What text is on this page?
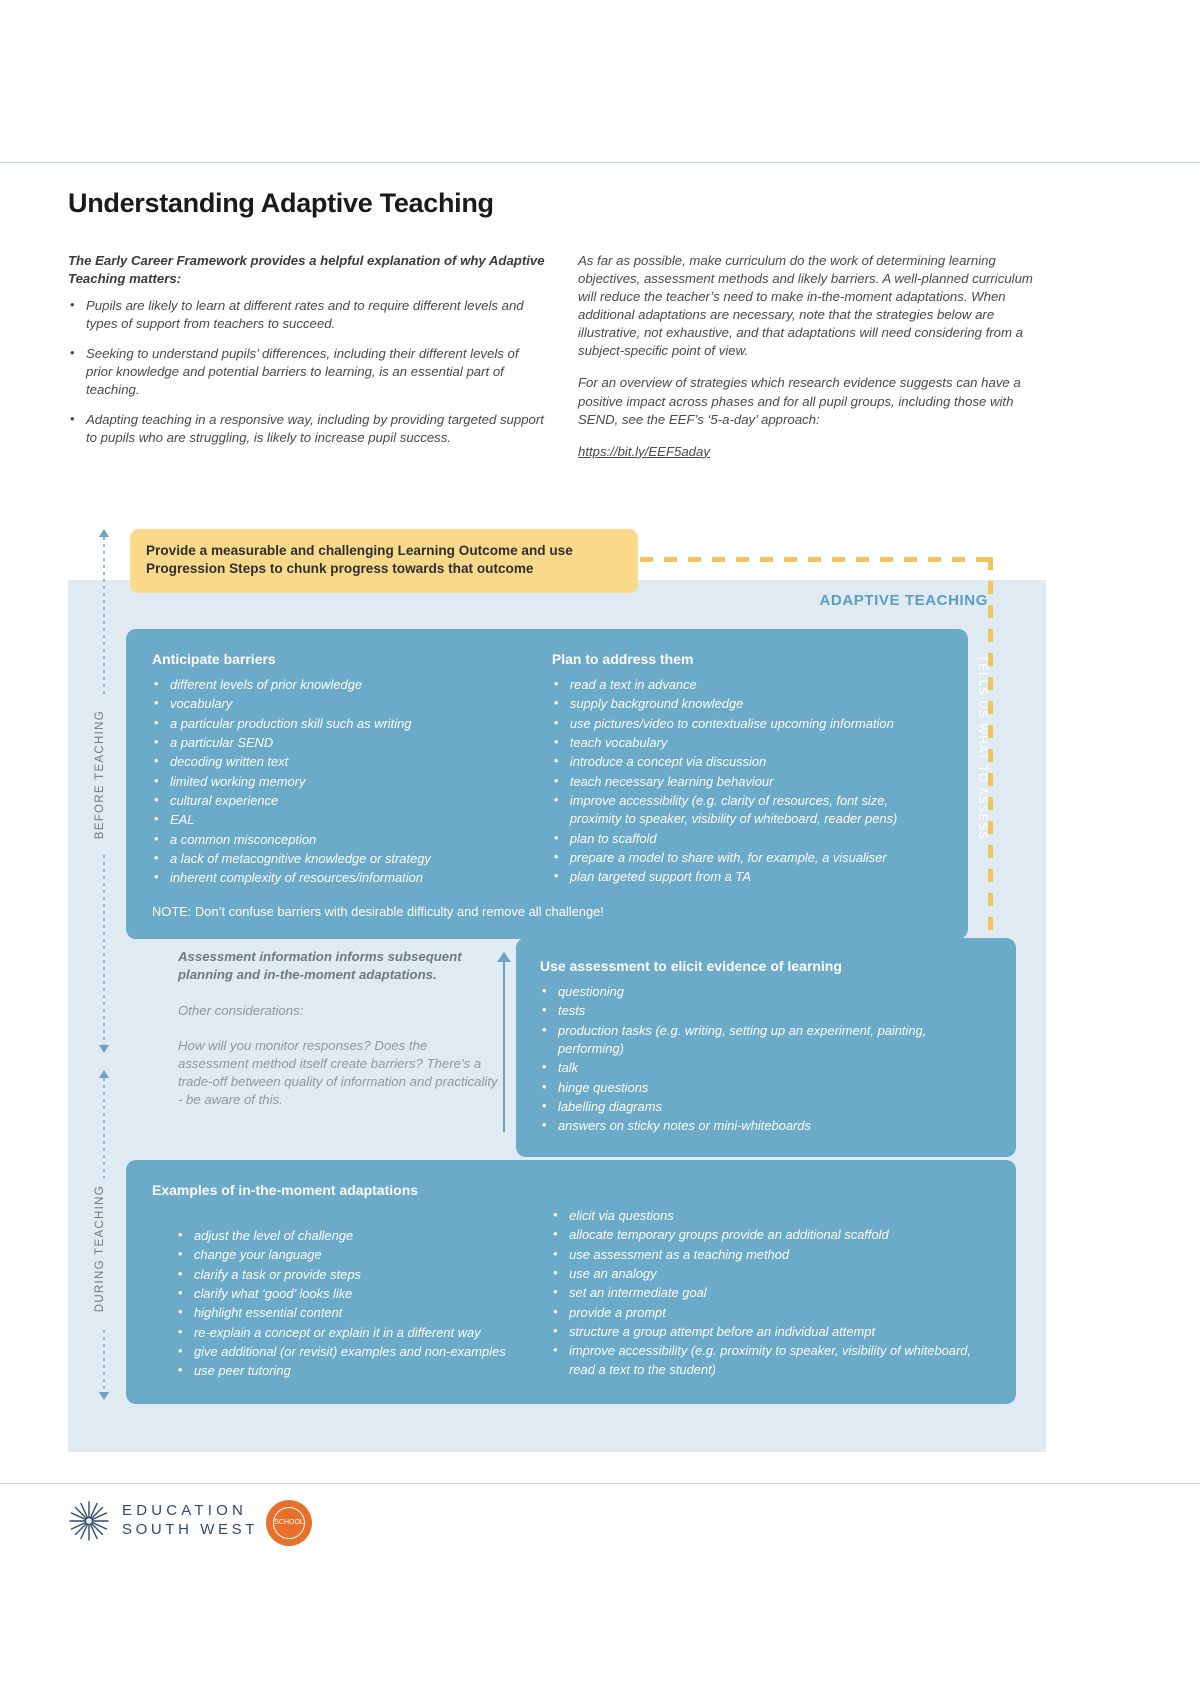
Understanding Adaptive Teaching
The Early Career Framework provides a helpful explanation of why Adaptive Teaching matters:
• Pupils are likely to learn at different rates and to require different levels and types of support from teachers to succeed.
• Seeking to understand pupils’ differences, including their different levels of prior knowledge and potential barriers to learning, is an essential part of teaching.
• Adapting teaching in a responsive way, including by providing targeted support to pupils who are struggling, is likely to increase pupil success.
As far as possible, make curriculum do the work of determining learning objectives, assessment methods and likely barriers. A well-planned curriculum will reduce the teacher’s need to make in-the-moment adaptations. When additional adaptations are necessary, note that the strategies below are illustrative, not exhaustive, and that adaptations will need considering from a subject-specific point of view.
For an overview of strategies which research evidence suggests can have a positive impact across phases and for all pupil groups, including those with SEND, see the EEF’s ‘5-a-day’ approach:
https://bit.ly/EEF5aday
ADAPTIVE TEACHING
Provide a measurable and challenging Learning Outcome and use Progression Steps to chunk progress towards that outcome
TELLS US WHAT TO ASSESS
BEFORE TEACHING
DURING TEACHING
Anticipate barriers
• different levels of prior knowledge
• vocabulary
• a particular production skill such as writing
• a particular SEND
• decoding written text
• limited working memory
• cultural experience
• EAL
• a common misconception
• a lack of metacognitive knowledge or strategy
• inherent complexity of resources/information
Plan to address them
• read a text in advance
• supply background knowledge
• use pictures/video to contextualise upcoming information
• teach vocabulary
• introduce a concept via discussion
• teach necessary learning behaviour
• improve accessibility (e.g. clarity of resources, font size, proximity to speaker, visibility of whiteboard, reader pens)
• plan to scaffold
• prepare a model to share with, for example, a visualiser
• plan targeted support from a TA
NOTE: Don’t confuse barriers with desirable difficulty and remove all challenge!
Assessment information informs subsequent planning and in-the-moment adaptations.
Other considerations:
How will you monitor responses? Does the assessment method itself create barriers? There’s a trade-off between quality of information and practicality - be aware of this.
Use assessment to elicit evidence of learning
• questioning
• tests
• production tasks (e.g. writing, setting up an experiment, painting, performing)
• talk
• hinge questions
• labelling diagrams
• answers on sticky notes or mini-whiteboards
Examples of in-the-moment adaptations
• adjust the level of challenge
• change your language
• clarify a task or provide steps
• clarify what ‘good’ looks like
• highlight essential content
• re-explain a concept or explain it in a different way
• give additional (or revisit) examples and non-examples
• use peer tutoring
• elicit via questions
• allocate temporary groups provide an additional scaffold
• use assessment as a teaching method
• use an analogy
• set an intermediate goal
• provide a prompt
• structure a group attempt before an individual attempt
• improve accessibility (e.g. proximity to speaker, visibility of whiteboard, read a text to the student)
EDUCATION
SOUTH WEST SCHOOL
